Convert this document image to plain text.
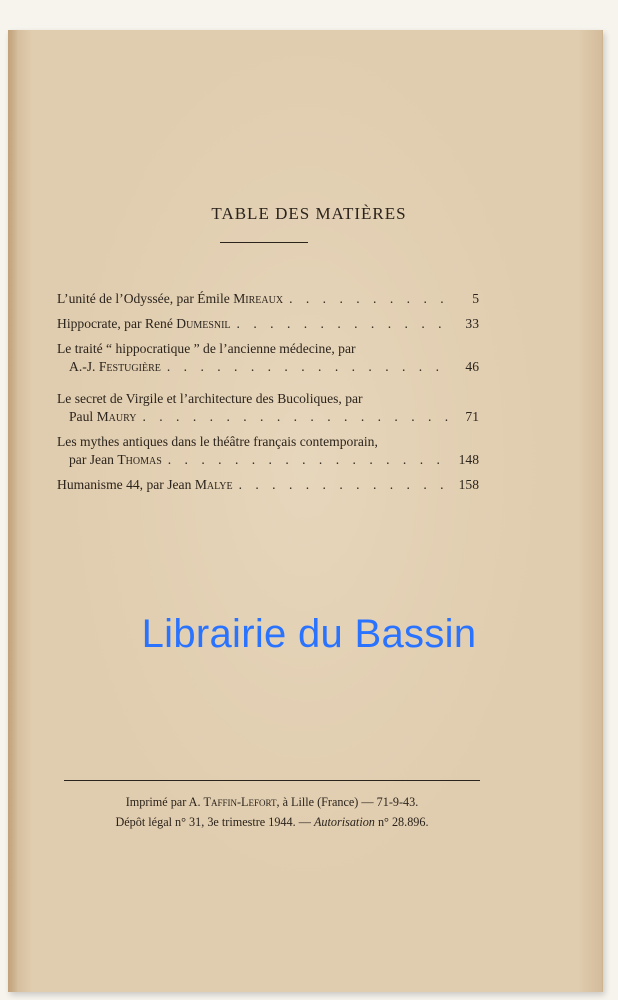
TABLE DES MATIÈRES
L’unité de l’Odyssée, par Émile Mireaux . . .	5
Hippocrate, par René Dumesnil . . .	33
Le traité “ hippocratique ” de l’ancienne médecine, par
A.-J. Festugière . . .	46
Le secret de Virgile et l’architecture des Bucoliques, par
Paul Maury . . .	71
Les mythes antiques dans le théâtre français contemporain,
par Jean Thomas . . .	148
Humanisme 44, par Jean Malye . . .	158
Librairie du Bassin
Imprimé par A. Taffin-Lefort, à Lille (France) — 71-9-43.
Dépôt légal n° 31, 3e trimestre 1944. — Autorisation n° 28.896.
